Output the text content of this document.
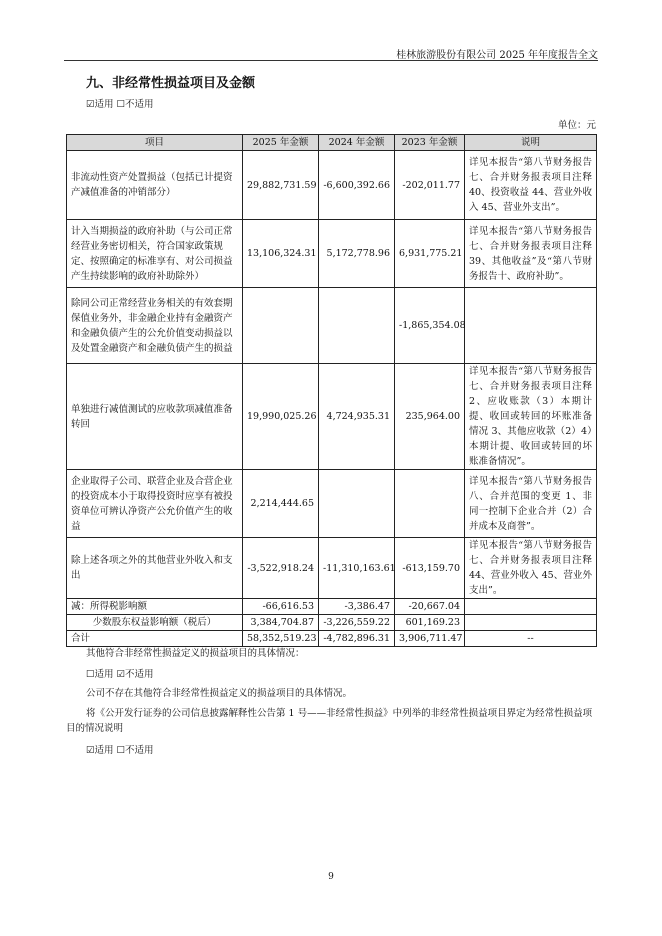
桂林旅游股份有限公司 2025 年年度报告全文
九、非经常性损益项目及金额
☑适用 ☐不适用
单位：元
项目	2025 年金额	2024 年金额	2023 年金额	说明
非流动性资产处置损益（包括已计提资产减值准备的冲销部分）	29,882,731.59	-6,600,392.66	-202,011.77	详见本报告“第八节财务报告 七、合并财务报表项目注释 40、投资收益 44、营业外收入 45、营业外支出”。
计入当期损益的政府补助（与公司正常经营业务密切相关，符合国家政策规定、按照确定的标准享有、对公司损益产生持续影响的政府补助除外）	13,106,324.31	5,172,778.96	6,931,775.21	详见本报告“第八节财务报告 七、合并财务报表项目注释 39、其他收益”及“第八节财务报告十、政府补助”。
除同公司正常经营业务相关的有效套期保值业务外，非金融企业持有金融资产和金融负债产生的公允价值变动损益以及处置金融资产和金融负债产生的损益			-1,865,354.08	
单独进行减值测试的应收款项减值准备转回	19,990,025.26	4,724,935.31	235,964.00	详见本报告“第八节财务报告 七、合并财务报表项目注释 2、应收账款（3）本期计提、收回或转回的坏账准备情况 3、其他应收款（2）4）本期计提、收回或转回的坏账准备情况”。
企业取得子公司、联营企业及合营企业的投资成本小于取得投资时应享有被投资单位可辨认净资产公允价值产生的收益	2,214,444.65			详见本报告“第八节财务报告 八、合并范围的变更 1、非同一控制下企业合并（2）合并成本及商誉”。
除上述各项之外的其他营业外收入和支出	-3,522,918.24	-11,310,163.61	-613,159.70	详见本报告“第八节财务报告 七、合并财务报表项目注释 44、营业外收入 45、营业外支出”。
减：所得税影响额	-66,616.53	-3,386.47	-20,667.04	
少数股东权益影响额（税后）	3,384,704.87	-3,226,559.22	601,169.23	
合计	58,352,519.23	-4,782,896.31	3,906,711.47	--
其他符合非经常性损益定义的损益项目的具体情况：
☐适用 ☑不适用
公司不存在其他符合非经常性损益定义的损益项目的具体情况。
将《公开发行证券的公司信息披露解释性公告第 1 号——非经常性损益》中列举的非经常性损益项目界定为经常性损益项目的情况说明
☑适用 ☐不适用
9
